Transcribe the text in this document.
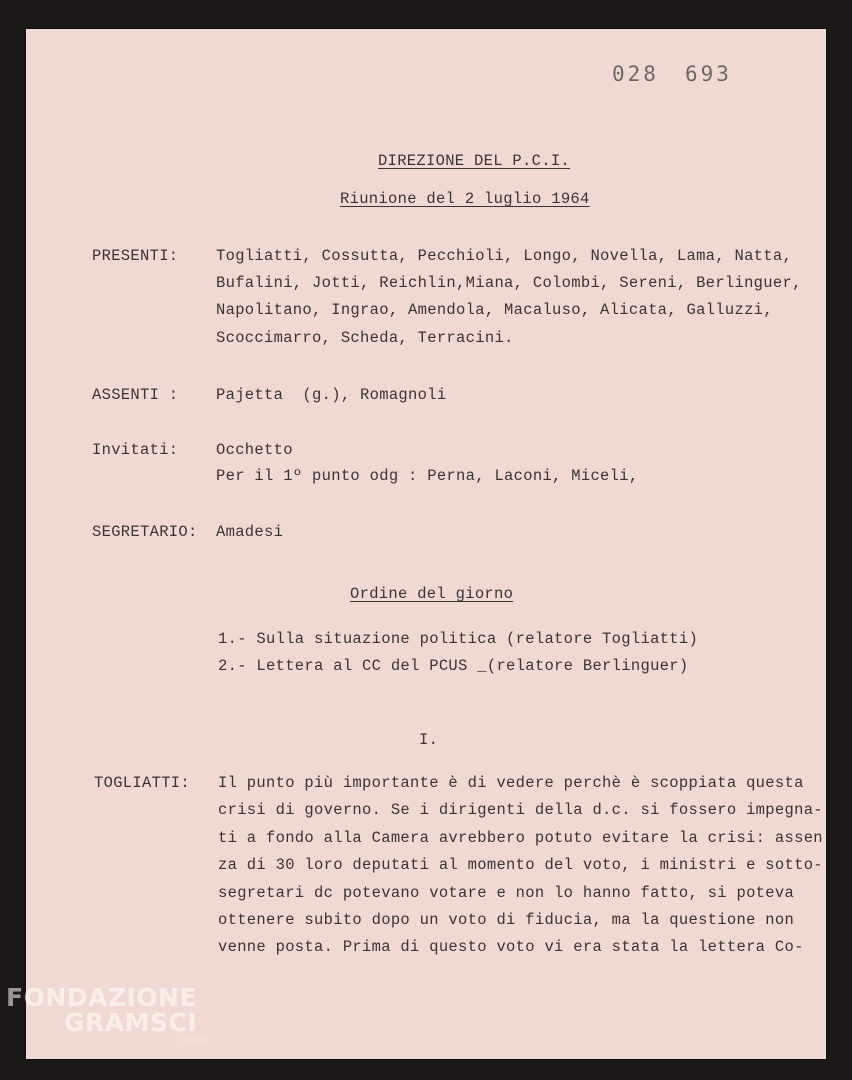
028 693
DIREZIONE DEL P.C.I.
Riunione del 2 luglio 1964
PRESENTI: Togliatti, Cossutta, Pecchioli, Longo, Novella, Lama, Natta,
Bufalini, Jotti, Reichlin,Miana, Colombi, Sereni, Berlinguer,
Napolitano, Ingrao, Amendola, Macaluso, Alicata, Galluzzi,
Scoccimarro, Scheda, Terracini.
ASSENTI : Pajetta  (g.), Romagnoli
Invitati: Occhetto
Per il 1º punto odg : Perna, Laconi, Miceli,
SEGRETARIO: Amadesi
Ordine del giorno
1.- Sulla situazione politica (relatore Togliatti)
2.- Lettera al CC del PCUS _(relatore Berlinguer)
I.
TOGLIATTI: Il punto più importante è di vedere perchè è scoppiata questa
crisi di governo. Se i dirigenti della d.c. si fossero impegna-
ti a fondo alla Camera avrebbero potuto evitare la crisi: assen
za di 30 loro deputati al momento del voto, i ministri e sotto-
segretari dc potevano votare e non lo hanno fatto, si poteva
ottenere subito dopo un voto di fiducia, ma la questione non
venne posta. Prima di questo voto vi era stata la lettera Co-
FONDAZIONE
GRAMSCI
onlus
